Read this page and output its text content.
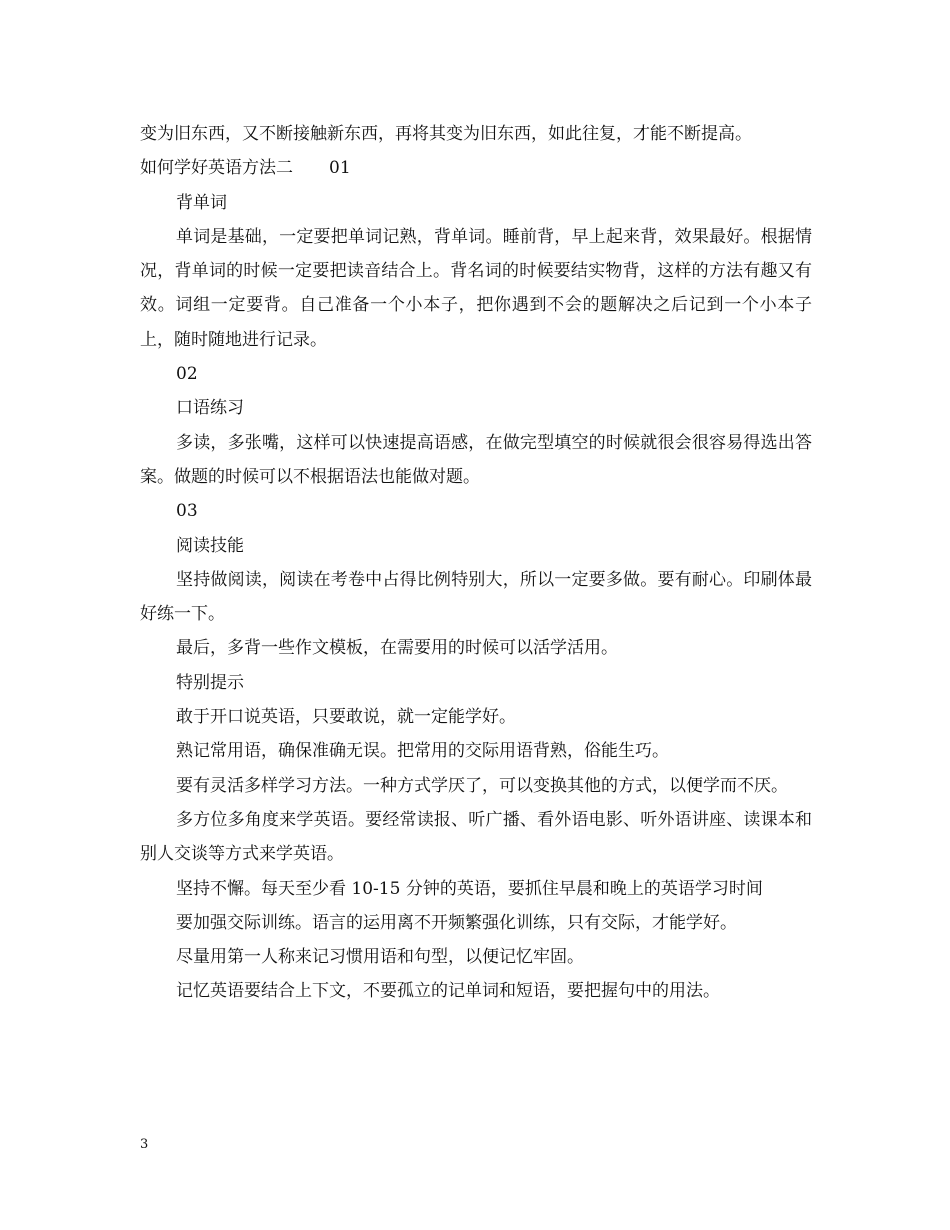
变为旧东西，又不断接触新东西，再将其变为旧东西，如此往复，才能不断提高。

如何学好英语方法二 01

背单词

单词是基础，一定要把单词记熟，背单词。睡前背，早上起来背，效果最好。根据情况，背单词的时候一定要把读音结合上。背名词的时候要结实物背，这样的方法有趣又有效。词组一定要背。自己准备一个小本子，把你遇到不会的题解决之后记到一个小本子上，随时随地进行记录。

02

口语练习

多读，多张嘴，这样可以快速提高语感，在做完型填空的时候就很会很容易得选出答案。做题的时候可以不根据语法也能做对题。

03

阅读技能

坚持做阅读，阅读在考卷中占得比例特别大，所以一定要多做。要有耐心。印刷体最好练一下。

最后，多背一些作文模板，在需要用的时候可以活学活用。

特别提示

敢于开口说英语，只要敢说，就一定能学好。

熟记常用语，确保准确无误。把常用的交际用语背熟，俗能生巧。

要有灵活多样学习方法。一种方式学厌了，可以变换其他的方式，以便学而不厌。

多方位多角度来学英语。要经常读报、听广播、看外语电影、听外语讲座、读课本和别人交谈等方式来学英语。

坚持不懈。每天至少看 10-15 分钟的英语，要抓住早晨和晚上的英语学习时间

要加强交际训练。语言的运用离不开频繁强化训练，只有交际，才能学好。

尽量用第一人称来记习惯用语和句型，以便记忆牢固。

记忆英语要结合上下文，不要孤立的记单词和短语，要把握句中的用法。

3
